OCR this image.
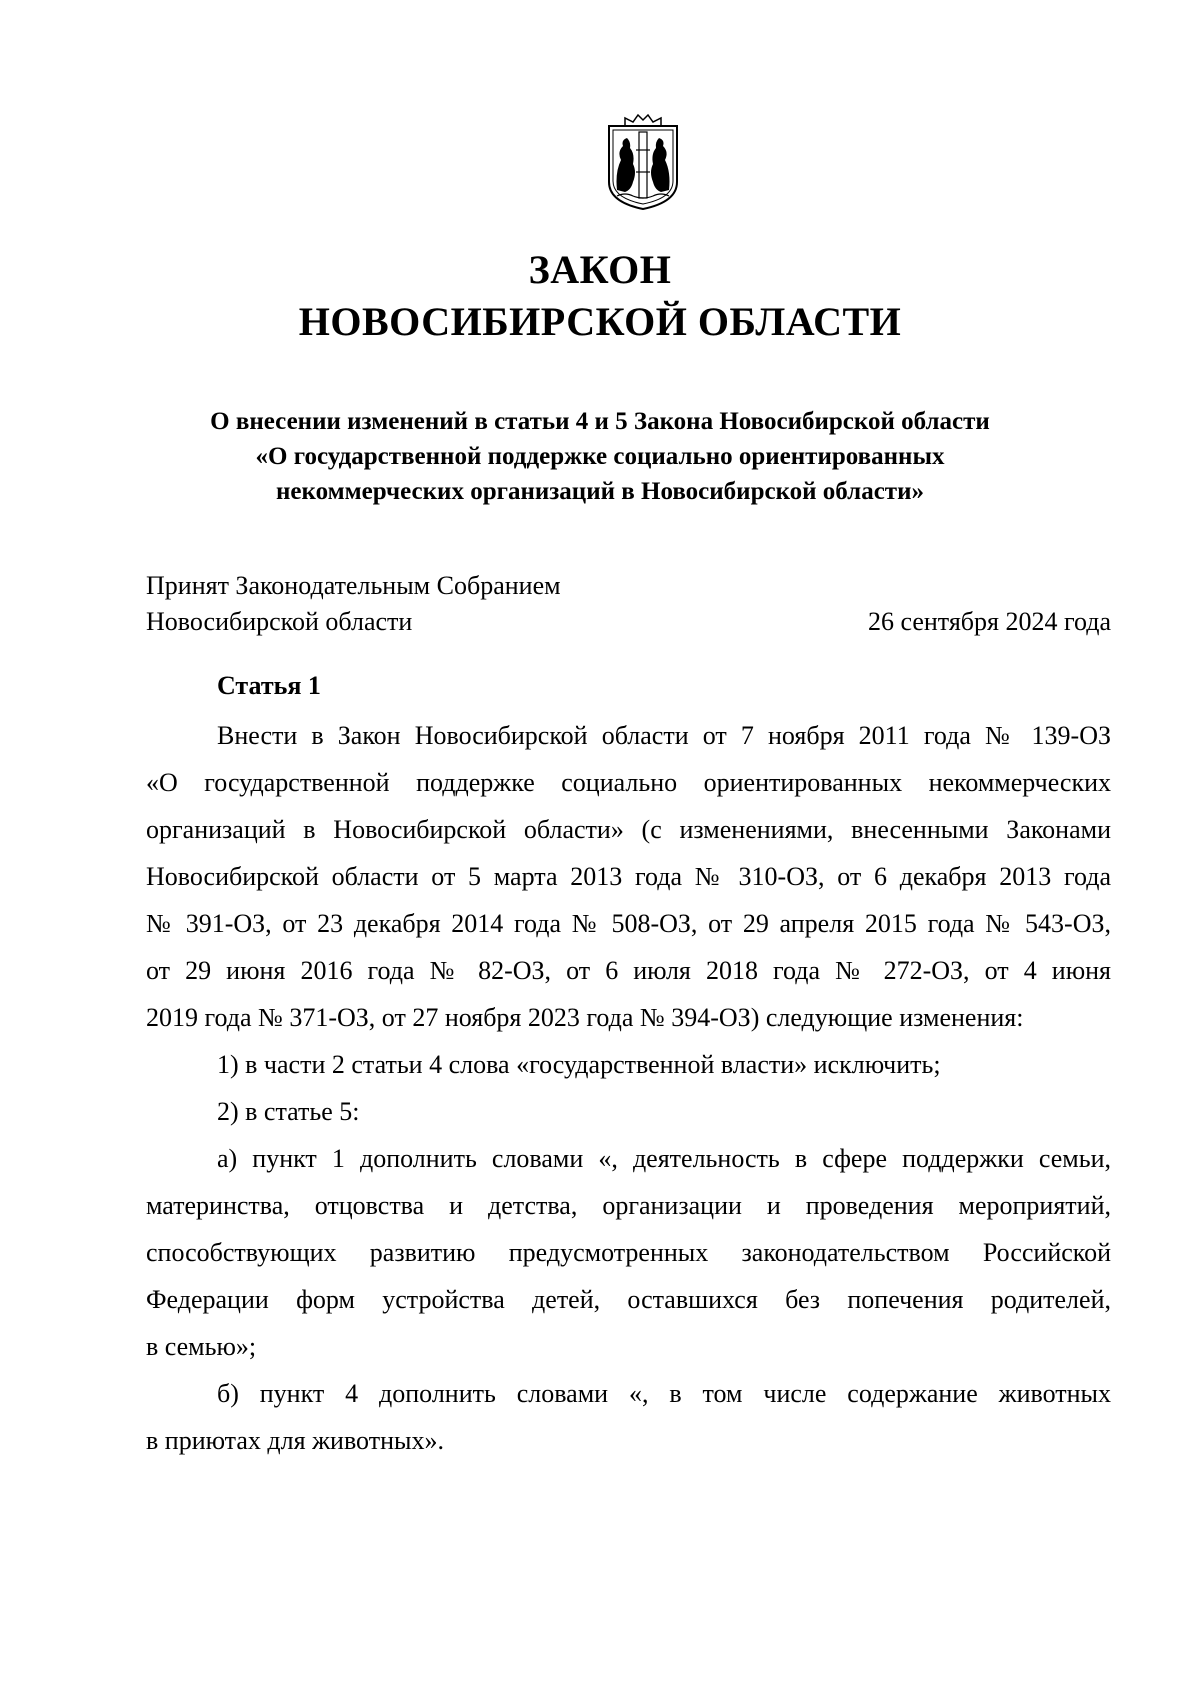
ЗАКОН
НОВОСИБИРСКОЙ ОБЛАСТИ
О внесении изменений в статьи 4 и 5 Закона Новосибирской области
«О государственной поддержке социально ориентированных
некоммерческих организаций в Новосибирской области»
Принят Законодательным Собранием
Новосибирской области	26 сентября 2024 года
Статья 1
Внести в Закон Новосибирской области от 7 ноября 2011 года № 139-ОЗ
«О государственной поддержке социально ориентированных некоммерческих
организаций в Новосибирской области» (с изменениями, внесенными Законами
Новосибирской области от 5 марта 2013 года № 310-ОЗ, от 6 декабря 2013 года
№ 391-ОЗ, от 23 декабря 2014 года № 508-ОЗ, от 29 апреля 2015 года № 543-ОЗ,
от 29 июня 2016 года № 82-ОЗ, от 6 июля 2018 года № 272-ОЗ, от 4 июня
2019 года № 371-ОЗ, от 27 ноября 2023 года № 394-ОЗ) следующие изменения:
1) в части 2 статьи 4 слова «государственной власти» исключить;
2) в статье 5:
а) пункт 1 дополнить словами «, деятельность в сфере поддержки семьи,
материнства, отцовства и детства, организации и проведения мероприятий,
способствующих развитию предусмотренных законодательством Российской
Федерации форм устройства детей, оставшихся без попечения родителей,
в семью»;
б) пункт 4 дополнить словами «, в том числе содержание животных
в приютах для животных».
